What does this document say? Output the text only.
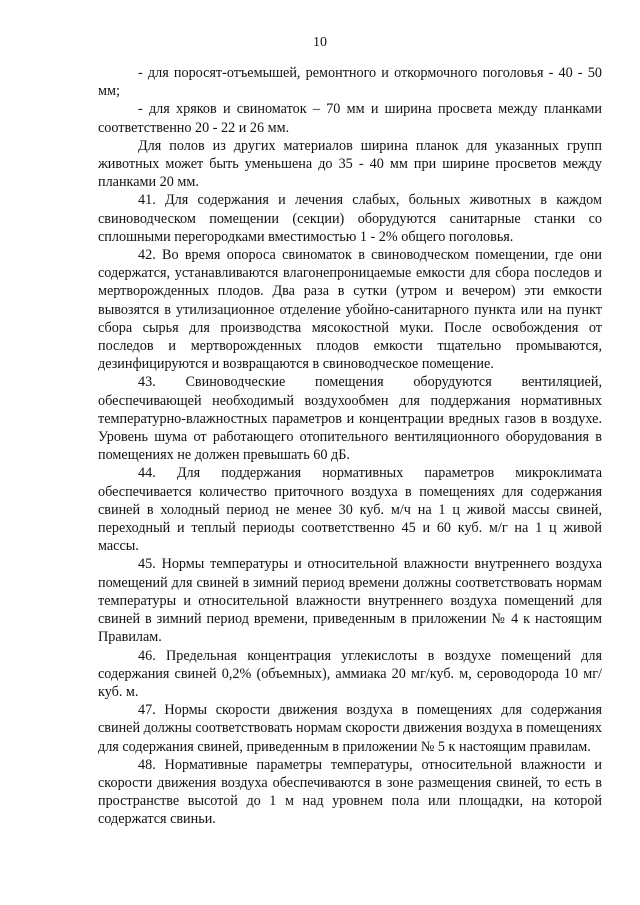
10

- для поросят-отъемышей, ремонтного и откормочного поголовья - 40 - 50 мм;

- для хряков и свиноматок – 70 мм и ширина просвета между планками соответственно 20 - 22 и 26 мм.

Для полов из других материалов ширина планок для указанных групп животных может быть уменьшена до 35 - 40 мм при ширине просветов между планками 20 мм.

41. Для содержания и лечения слабых, больных животных в каждом свиноводческом помещении (секции) оборудуются санитарные станки со сплошными перегородками вместимостью 1 - 2% общего поголовья.

42. Во время опороса свиноматок в свиноводческом помещении, где они содержатся, устанавливаются влагонепроницаемые емкости для сбора последов и мертворожденных плодов. Два раза в сутки (утром и вечером) эти емкости вывозятся в утилизационное отделение убойно-санитарного пункта или на пункт сбора сырья для производства мясокостной муки. После освобождения от последов и мертворожденных плодов емкости тщательно промываются, дезинфицируются и возвращаются в свиноводческое помещение.

43. Свиноводческие помещения оборудуются вентиляцией, обеспечивающей необходимый воздухообмен для поддержания нормативных температурно-влажностных параметров и концентрации вредных газов в воздухе. Уровень шума от работающего отопительного вентиляционного оборудования в помещениях не должен превышать 60 дБ.

44. Для поддержания нормативных параметров микроклимата обеспечивается количество приточного воздуха в помещениях для содержания свиней в холодный период не менее 30 куб. м/ч на 1 ц живой массы свиней, переходный и теплый периоды соответственно 45 и 60 куб. м/г на 1 ц живой массы.

45. Нормы температуры и относительной влажности внутреннего воздуха помещений для свиней в зимний период времени должны соответствовать нормам температуры и относительной влажности внутреннего воздуха помещений для свиней в зимний период времени, приведенным в приложении № 4 к настоящим Правилам.

46. Предельная концентрация углекислоты в воздухе помещений для содержания свиней 0,2% (объемных), аммиака 20 мг/куб. м, сероводорода 10 мг/куб. м.

47. Нормы скорости движения воздуха в помещениях для содержания свиней должны соответствовать нормам скорости движения воздуха в помещениях для содержания свиней, приведенным в приложении № 5 к настоящим правилам.

48. Нормативные параметры температуры, относительной влажности и скорости движения воздуха обеспечиваются в зоне размещения свиней, то есть в пространстве высотой до 1 м над уровнем пола или площадки, на которой содержатся свиньи.
